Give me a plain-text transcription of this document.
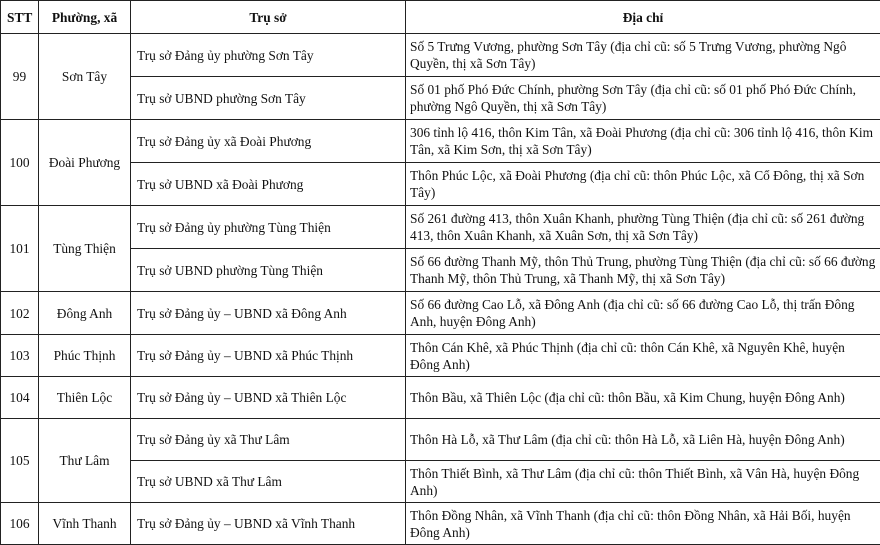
STT	Phường, xã	Trụ sở	Địa chỉ
99	Sơn Tây	Trụ sở Đảng ủy phường Sơn Tây	Số 5 Trưng Vương, phường Sơn Tây (địa chỉ cũ: số 5 Trưng Vương, phường Ngô Quyền, thị xã Sơn Tây)
		Trụ sở UBND phường Sơn Tây	Số 01 phố Phó Đức Chính, phường Sơn Tây (địa chỉ cũ: số 01 phố Phó Đức Chính, phường Ngô Quyền, thị xã Sơn Tây)
100	Đoài Phương	Trụ sở Đảng ủy xã Đoài Phương	306 tỉnh lộ 416, thôn Kim Tân, xã Đoài Phương (địa chỉ cũ: 306 tỉnh lộ 416, thôn Kim Tân, xã Kim Sơn, thị xã Sơn Tây)
		Trụ sở UBND xã Đoài Phương	Thôn Phúc Lộc, xã Đoài Phương (địa chỉ cũ: thôn Phúc Lộc, xã Cổ Đông, thị xã Sơn Tây)
101	Tùng Thiện	Trụ sở Đảng ủy phường Tùng Thiện	Số 261 đường 413, thôn Xuân Khanh, phường Tùng Thiện (địa chỉ cũ: số 261 đường 413, thôn Xuân Khanh, xã Xuân Sơn, thị xã Sơn Tây)
		Trụ sở UBND phường Tùng Thiện	Số 66 đường Thanh Mỹ, thôn Thủ Trung, phường Tùng Thiện (địa chỉ cũ: số 66 đường Thanh Mỹ, thôn Thủ Trung, xã Thanh Mỹ, thị xã Sơn Tây)
102	Đông Anh	Trụ sở Đảng ủy – UBND xã Đông Anh	Số 66 đường Cao Lỗ, xã Đông Anh (địa chỉ cũ: số 66 đường Cao Lỗ, thị trấn Đông Anh, huyện Đông Anh)
103	Phúc Thịnh	Trụ sở Đảng ủy – UBND xã Phúc Thịnh	Thôn Cán Khê, xã Phúc Thịnh (địa chỉ cũ: thôn Cán Khê, xã Nguyên Khê, huyện Đông Anh)
104	Thiên Lộc	Trụ sở Đảng ủy – UBND xã Thiên Lộc	Thôn Bầu, xã Thiên Lộc (địa chỉ cũ: thôn Bầu, xã Kim Chung, huyện Đông Anh)
105	Thư Lâm	Trụ sở Đảng ủy xã Thư Lâm	Thôn Hà Lỗ, xã Thư Lâm (địa chỉ cũ: thôn Hà Lỗ, xã Liên Hà, huyện Đông Anh)
		Trụ sở UBND xã Thư Lâm	Thôn Thiết Bình, xã Thư Lâm (địa chỉ cũ: thôn Thiết Bình, xã Vân Hà, huyện Đông Anh)
106	Vĩnh Thanh	Trụ sở Đảng ủy – UBND xã Vĩnh Thanh	Thôn Đồng Nhân, xã Vĩnh Thanh (địa chỉ cũ: thôn Đồng Nhân, xã Hải Bối, huyện Đông Anh)
